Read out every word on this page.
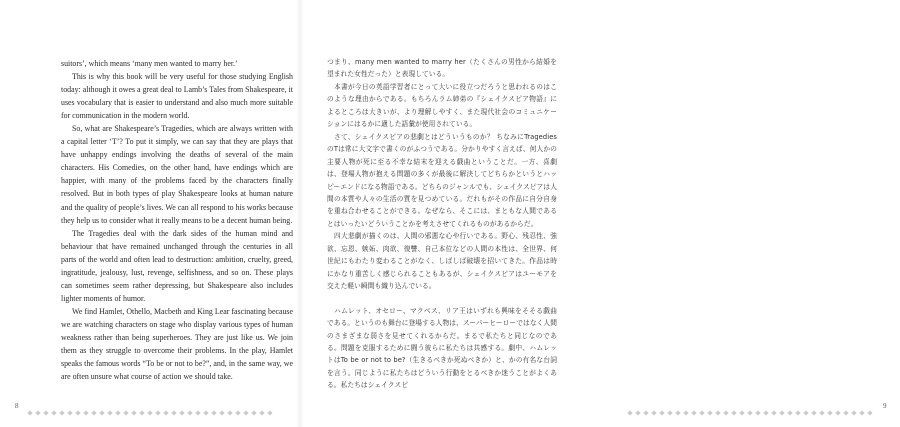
suitors’, which means ‘many men wanted to marry her.’

This is why this book will be very useful for those studying English today: although it owes a great deal to Lamb’s Tales from Shakespeare, it uses vocabulary that is easier to understand and also much more suitable for communication in the modern world.

So, what are Shakespeare’s Tragedies, which are always written with a capital letter ‘T’? To put it simply, we can say that they are plays that have unhappy endings involving the deaths of several of the main characters. His Comedies, on the other hand, have endings which are happier, with many of the problems faced by the characters finally resolved. But in both types of play Shakespeare looks at human nature and the quality of people’s lives. We can all respond to his works because they help us to consider what it really means to be a decent human being.

The Tragedies deal with the dark sides of the human mind and behaviour that have remained unchanged through the centuries in all parts of the world and often lead to destruction: ambition, cruelty, greed, ingratitude, jealousy, lust, revenge, selfishness, and so on. These plays can sometimes seem rather depressing, but Shakespeare also includes lighter moments of humor.

We find Hamlet, Othello, Macbeth and King Lear fascinating because we are watching characters on stage who display various types of human weakness rather than being superheroes. They are just like us. We join them as they struggle to overcome their problems. In the play, Hamlet speaks the famous words “To be or not to be?”, and, in the same way, we are often unsure what course of action we should take.

8

つまり、many men wanted to marry her（たくさんの男性から結婚を望まれた女性だった）と表現している。

本書が今日の英語学習者にとって大いに役立つだろうと思われるのはこのような理由からである。もちろんラム姉弟の『シェイクスピア物語』によるところは大きいが、より理解しやすく、また現代社会のコミュニケーションにはるかに適した語彙が使用されている。

さて、シェイクスピアの悲劇とはどういうものか？ ちなみにTragediesのTは常に大文字で書くのがふつうである。分かりやすく言えば、何人かの主要人物が死に至る不幸な結末を迎える戯曲ということだ。一方、喜劇は、登場人物が抱える問題の多くが最後に解決してどちらかというとハッピーエンドになる物語である。どちらのジャンルでも、シェイクスピアは人間の本質や人々の生活の質を見つめている。だれもがその作品に自分自身を重ね合わせることができる。なぜなら、そこには、まともな人間であるとはいったいどういうことかを考えさせてくれるものがあるからだ。

四大悲劇が描くのは、人間の邪悪な心や行いである。野心、残忍性、強欲、忘恩、嫉妬、肉欲、復讐、自己本位などの人間の本性は、全世界、何世紀にもわたり変わることがなく、しばしば破壊を招いてきた。作品は時にかなり重苦しく感じられることもあるが、シェイクスピアはユーモアを交えた軽い瞬間も織り込んでいる。

ハムレット、オセロー、マクベス、リア王はいずれも興味をそそる戯曲である。というのも舞台に登場する人物は、スーパーヒーローではなく人間のさまざまな弱さを見せてくれるからだ。まるで私たちと同じなのである。問題を克服するために闘う彼らに私たちは共感する。劇中、ハムレットはTo be or not to be?（生きるべきか死ぬべきか）と、かの有名な台詞を言う。同じように私たちはどういう行動をとるべきか迷うことがよくある。私たちはシェイクスピ

9
